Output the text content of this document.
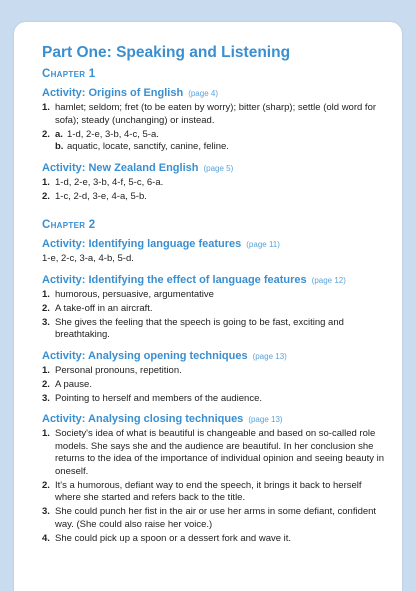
Part One: Speaking and Listening
Chapter 1
Activity: Origins of English (page 4)
1. hamlet; seldom; fret (to be eaten by worry); bitter (sharp); settle (old word for sofa); steady (unchanging) or instead.
2. a. 1-d, 2-e, 3-b, 4-c, 5-a.
b. aquatic, locate, sanctify, canine, feline.
Activity: New Zealand English (page 5)
1. 1-d, 2-e, 3-b, 4-f, 5-c, 6-a.
2. 1-c, 2-d, 3-e, 4-a, 5-b.
Chapter 2
Activity: Identifying language features (page 11)
1-e, 2-c, 3-a, 4-b, 5-d.
Activity: Identifying the effect of language features (page 12)
1. humorous, persuasive, argumentative
2. A take-off in an aircraft.
3. She gives the feeling that the speech is going to be fast, exciting and breathtaking.
Activity: Analysing opening techniques (page 13)
1. Personal pronouns, repetition.
2. A pause.
3. Pointing to herself and members of the audience.
Activity: Analysing closing techniques (page 13)
1. Society's idea of what is beautiful is changeable and based on so-called role models. She says she and the audience are beautiful. In her conclusion she returns to the idea of the importance of individual opinion and seeing beauty in oneself.
2. It's a humorous, defiant way to end the speech, it brings it back to herself where she started and refers back to the title.
3. She could punch her fist in the air or use her arms in some defiant, confident way. (She could also raise her voice.)
4. She could pick up a spoon or a dessert fork and wave it.
